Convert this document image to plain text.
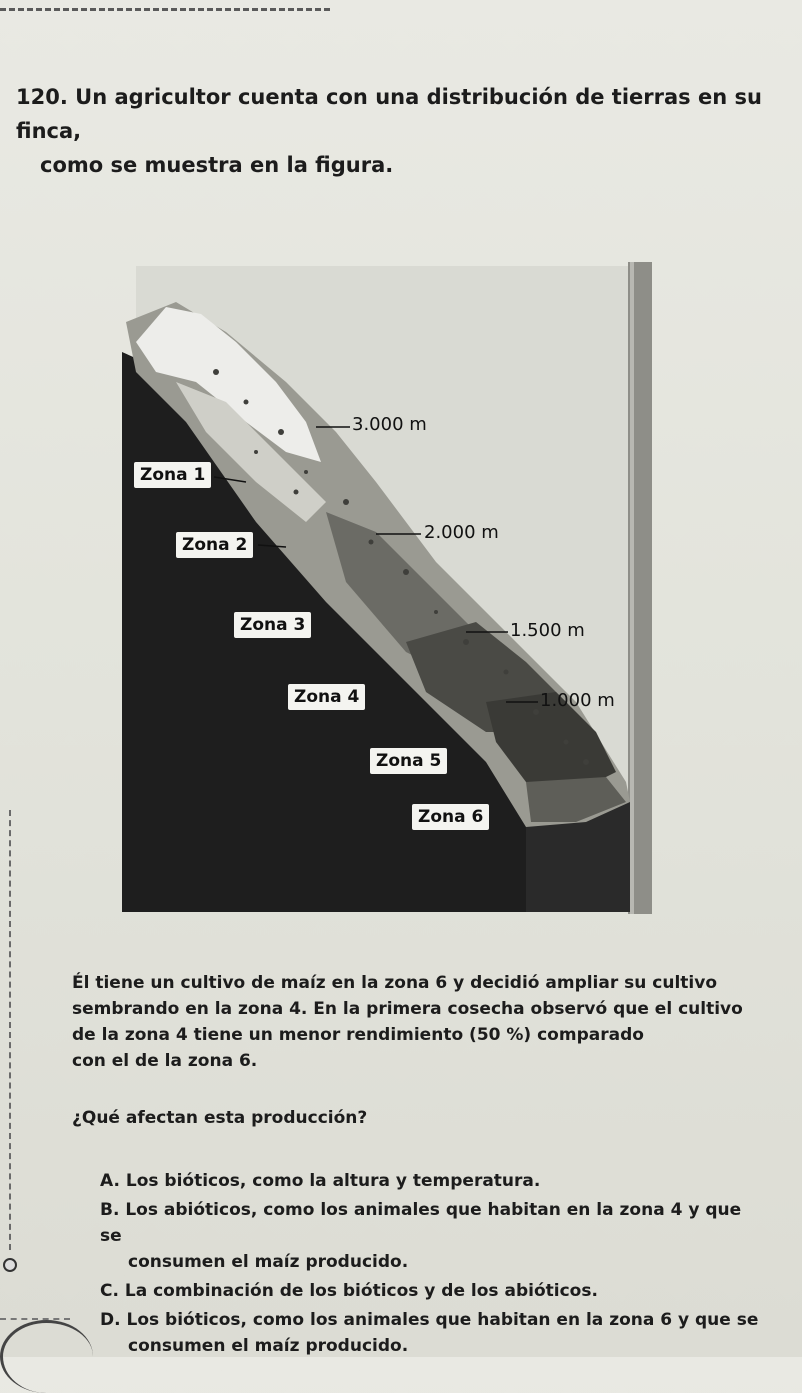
120. Un agricultor cuenta con una distribución de tierras en su finca,
como se muestra en la figura.
Zona 1
Zona 2
Zona 3
Zona 4
Zona 5
Zona 6
3.000 m
2.000 m
1.500 m
1.000 m

Él tiene un cultivo de maíz en la zona 6 y decidió ampliar su cultivo

sembrando en la zona 4. En la primera cosecha observó que el cultivo

de la zona 4 tiene un menor rendimiento (50 %) comparado

con el de la zona 6.

¿Qué afectan esta producción?

A. Los bióticos, como la altura y temperatura.
B. Los abióticos, como los animales que habitan en la zona 4 y que se
consumen el maíz producido.
C. La combinación de los bióticos y de los abióticos.
D. Los bióticos, como los animales que habitan en la zona 6 y que se
consumen el maíz producido.
